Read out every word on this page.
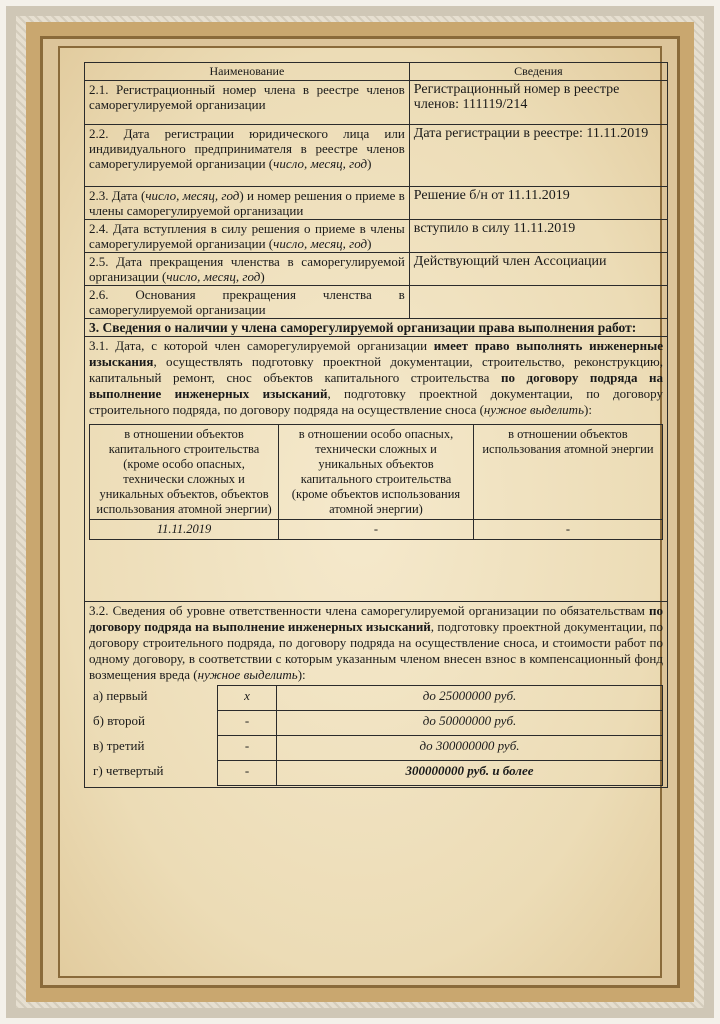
Наименование	Сведения
2.1. Регистрационный номер члена в реестре членов саморегулируемой организации	Регистрационный номер в реестре членов: 111119/214
2.2. Дата регистрации юридического лица или индивидуального предпринимателя в реестре членов саморегулируемой организации (число, месяц, год)	Дата регистрации в реестре: 11.11.2019
2.3. Дата (число, месяц, год) и номер решения о приеме в члены саморегулируемой организации	Решение б/н от 11.11.2019
2.4. Дата вступления в силу решения о приеме в члены саморегулируемой организации (число, месяц, год)	вступило в силу 11.11.2019
2.5. Дата прекращения членства в саморегулируемой организации (число, месяц, год)	Действующий член Ассоциации
2.6. Основания прекращения членства в саморегулируемой организации	
3. Сведения о наличии у члена саморегулируемой организации права выполнения работ:

3.1. Дата, с которой член саморегулируемой организации имеет право выполнять инженерные изыскания, осуществлять подготовку проектной документации, строительство, реконструкцию, капитальный ремонт, снос объектов капитального строительства по договору подряда на выполнение инженерных изысканий, подготовку проектной документации, по договору строительного подряда, по договору подряда на осуществление сноса (нужное выделить):
в отношении объектов капитального строительства (кроме особо опасных, технически сложных и уникальных объектов, объектов использования атомной энергии)	в отношении особо опасных, технически сложных и уникальных объектов капитального строительства (кроме объектов использования атомной энергии)	в отношении объектов использования атомной энергии
11.11.2019	-	-

3.2. Сведения об уровне ответственности члена саморегулируемой организации по обязательствам по договору подряда на выполнение инженерных изысканий, подготовку проектной документации, по договору строительного подряда, по договору подряда на осуществление сноса, и стоимости работ по одному договору, в соответствии с которым указанным членом внесен взнос в компенсационный фонд возмещения вреда (нужное выделить):
а) первый	x	до 25000000 руб.
б) второй	-	до 50000000 руб.
в) третий	-	до 300000000 руб.
г) четвертый	-	300000000 руб. и более
